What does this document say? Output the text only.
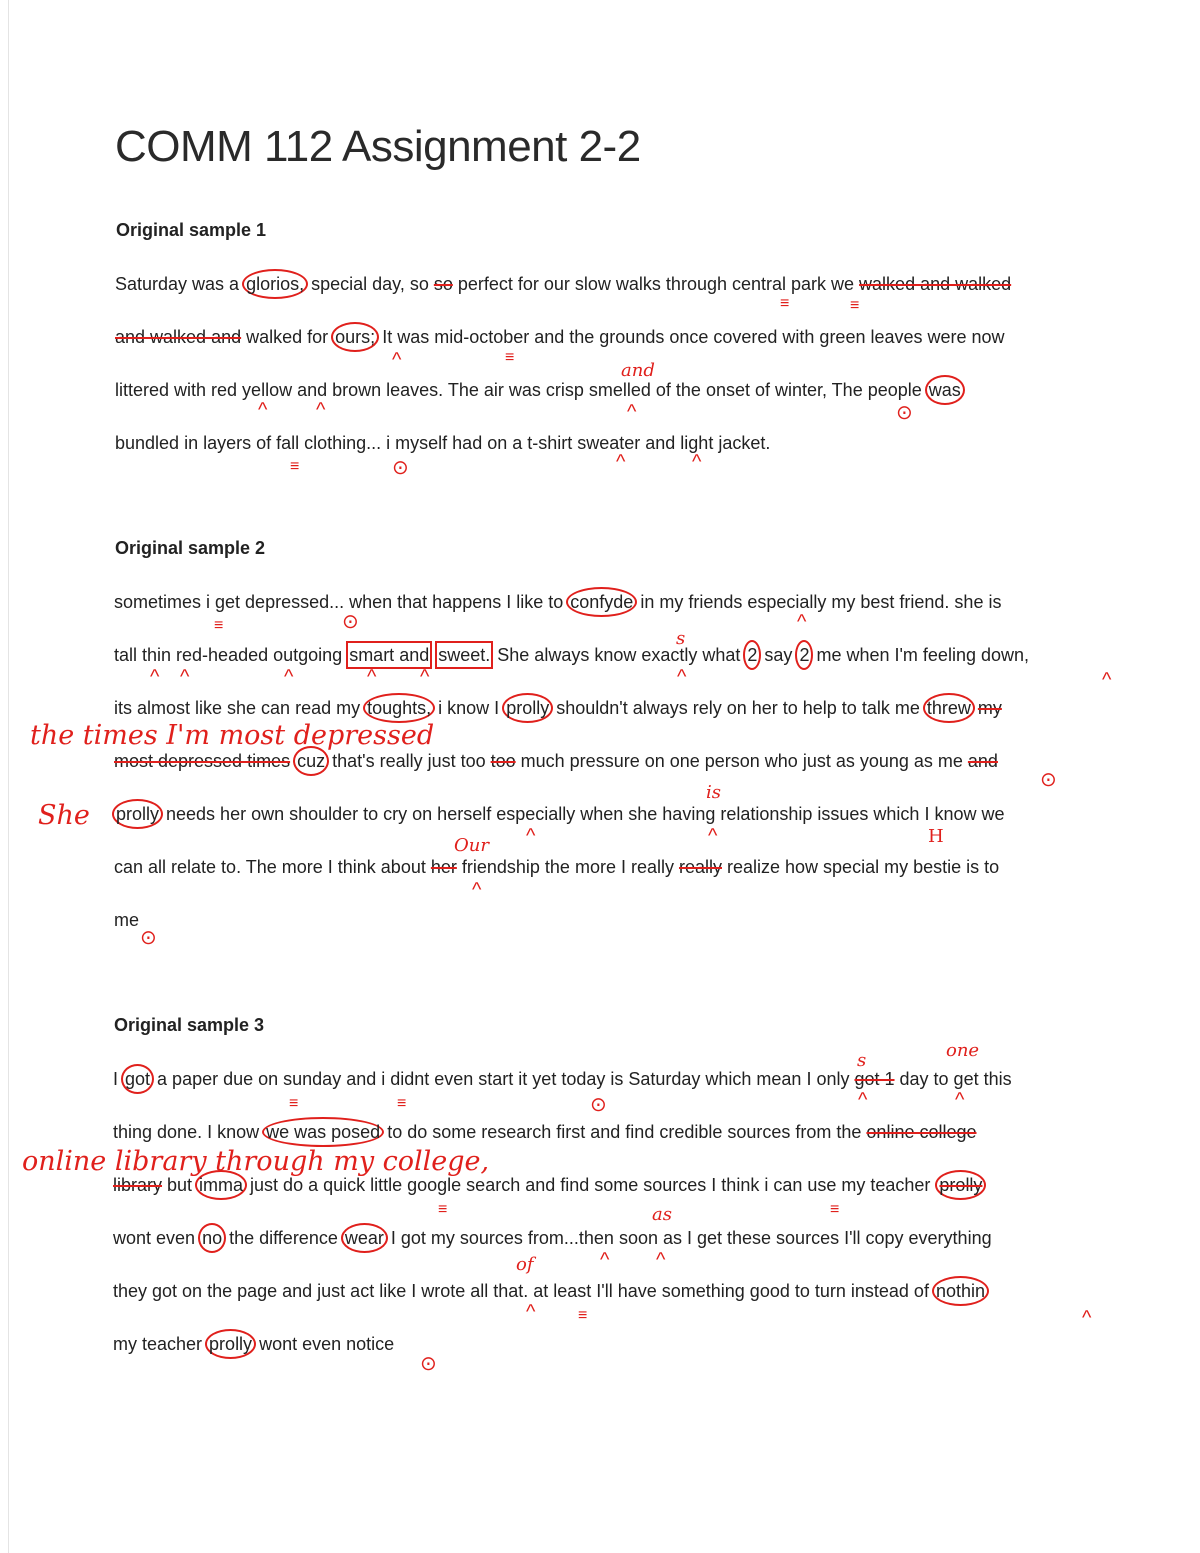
COMM 112 Assignment 2-2
Original sample 1
Saturday was a glorios, special day, so so perfect for our slow walks through central park we walked and walked
and walked and walked for ours; It was mid-october and the grounds once covered with green leaves were now
littered with red yellow and brown leaves. The air was crisp smelled of the onset of winter, The people was
bundled in layers of fall clothing... i myself had on a t-shirt sweater and light jacket.
Original sample 2
sometimes i get depressed... when that happens I like to confyde in my friends especially my best friend. she is
tall thin red-headed outgoing smart and sweet. She always know exactly what 2 say 2 me when I'm feeling down,
its almost like she can read my toughts, i know I prolly shouldn't always rely on her to help to talk me threw my
most depressed times cuz that's really just too too much pressure on one person who just as young as me and
prolly needs her own shoulder to cry on herself especially when she having relationship issues which I know we
can all relate to. The more I think about her friendship the more I really really realize how special my bestie is to
me
Original sample 3
I got a paper due on sunday and i didnt even start it yet today is Saturday which mean I only got 1 day to get this
thing done. I know we was posed to do some research first and find credible sources from the online college
library but imma just do a quick little google search and find some sources I think i can use my teacher prolly
wont even no the difference wear I got my sources from...then soon as I get these sources I'll copy everything
they got on the page and just act like I wrote all that. at least I'll have something good to turn instead of nothin
my teacher prolly wont even notice
and
s
the times I'm most depressed
She
is
Our	H
s	one
online library through my college,
as
of
≡
≡
^
≡
^
^
^
⊙
≡
⊙
^
^
≡
⊙
^
^
^
^
^
^
^
^
⊙
^
^
^
⊙
≡
≡
⊙
^
^
≡
≡
^
^
^
≡
^
⊙
